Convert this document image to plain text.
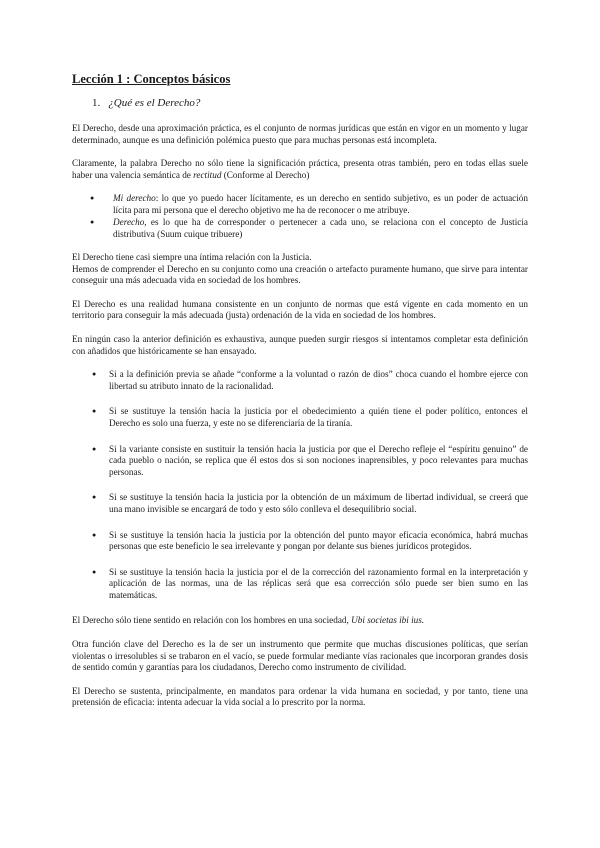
Lección 1 : Conceptos básicos
1. ¿Qué es el Derecho?

El Derecho, desde una aproximación práctica, es el conjunto de normas jurídicas que están en vigor en un momento y lugar determinado, aunque es una definición polémica puesto que para muchas personas está incompleta.

Claramente, la palabra Derecho no sólo tiene la significación práctica, presenta otras también, pero en todas ellas suele haber una valencia semántica de rectitud (Conforme al Derecho)

● Mi derecho: lo que yo puedo hacer lícitamente, es un derecho en sentido subjetivo, es un poder de actuación lícita para mi persona que el derecho objetivo me ha de reconocer o me atribuye.
● Derecho, es lo que ha de corresponder o pertenecer a cada uno, se relaciona con el concepto de Justicia distributiva (Suum cuique tribuere)

El Derecho tiene casi siempre una íntima relación con la Justicia.
Hemos de comprender el Derecho en su conjunto como una creación o artefacto puramente humano, que sirve para intentar conseguir una más adecuada vida en sociedad de los hombres.

El Derecho es una realidad humana consistente en un conjunto de normas que está vigente en cada momento en un territorio para conseguir la más adecuada (justa) ordenación de la vida en sociedad de los hombres.

En ningún caso la anterior definición es exhaustiva, aunque pueden surgir riesgos si intentamos completar esta definición con añadidos que históricamente se han ensayado.

● Si a la definición previa se añade “conforme a la voluntad o razón de dios” choca cuando el hombre ejerce con libertad su atributo innato de la racionalidad.
● Si se sustituye la tensión hacia la justicia por el obedecimiento a quién tiene el poder político, entonces el Derecho es solo una fuerza, y este no se diferenciaría de la tiranía.
● Si la variante consiste en sustituir la tensión hacia la justicia por que el Derecho refleje el “espíritu genuino” de cada pueblo o nación, se replica que él estos dos si son nociones inaprensibles, y poco relevantes para muchas personas.
● Si se sustituye la tensión hacia la justicia por la obtención de un máximum de libertad individual, se creerá que una mano invisible se encargará de todo y esto sólo conlleva el desequilibrio social.
● Si se sustituye la tensión hacia la justicia por la obtención del punto mayor eficacia económica, habrá muchas personas que este beneficio le sea irrelevante y pongan por delante sus bienes jurídicos protegidos.
● Si se sustituye la tensión hacia la justicia por el de la corrección del razonamiento formal en la interpretación y aplicación de las normas, una de las réplicas será que esa corrección sólo puede ser bien sumo en las matemáticas.

El Derecho sólo tiene sentido en relación con los hombres en una sociedad, Ubi societas ibi ius.

Otra función clave del Derecho es la de ser un instrumento que permite que muchas discusiones políticas, que serían violentas o irresolubles si se trabaron en el vacío, se puede formular mediante vías racionales que incorporan grandes dosis de sentido común y garantías para los ciudadanos, Derecho como instrumento de civilidad.

El Derecho se sustenta, principalmente, en mandatos para ordenar la vida humana en sociedad, y por tanto, tiene una pretensión de eficacia: intenta adecuar la vida social a lo prescrito por la norma.
